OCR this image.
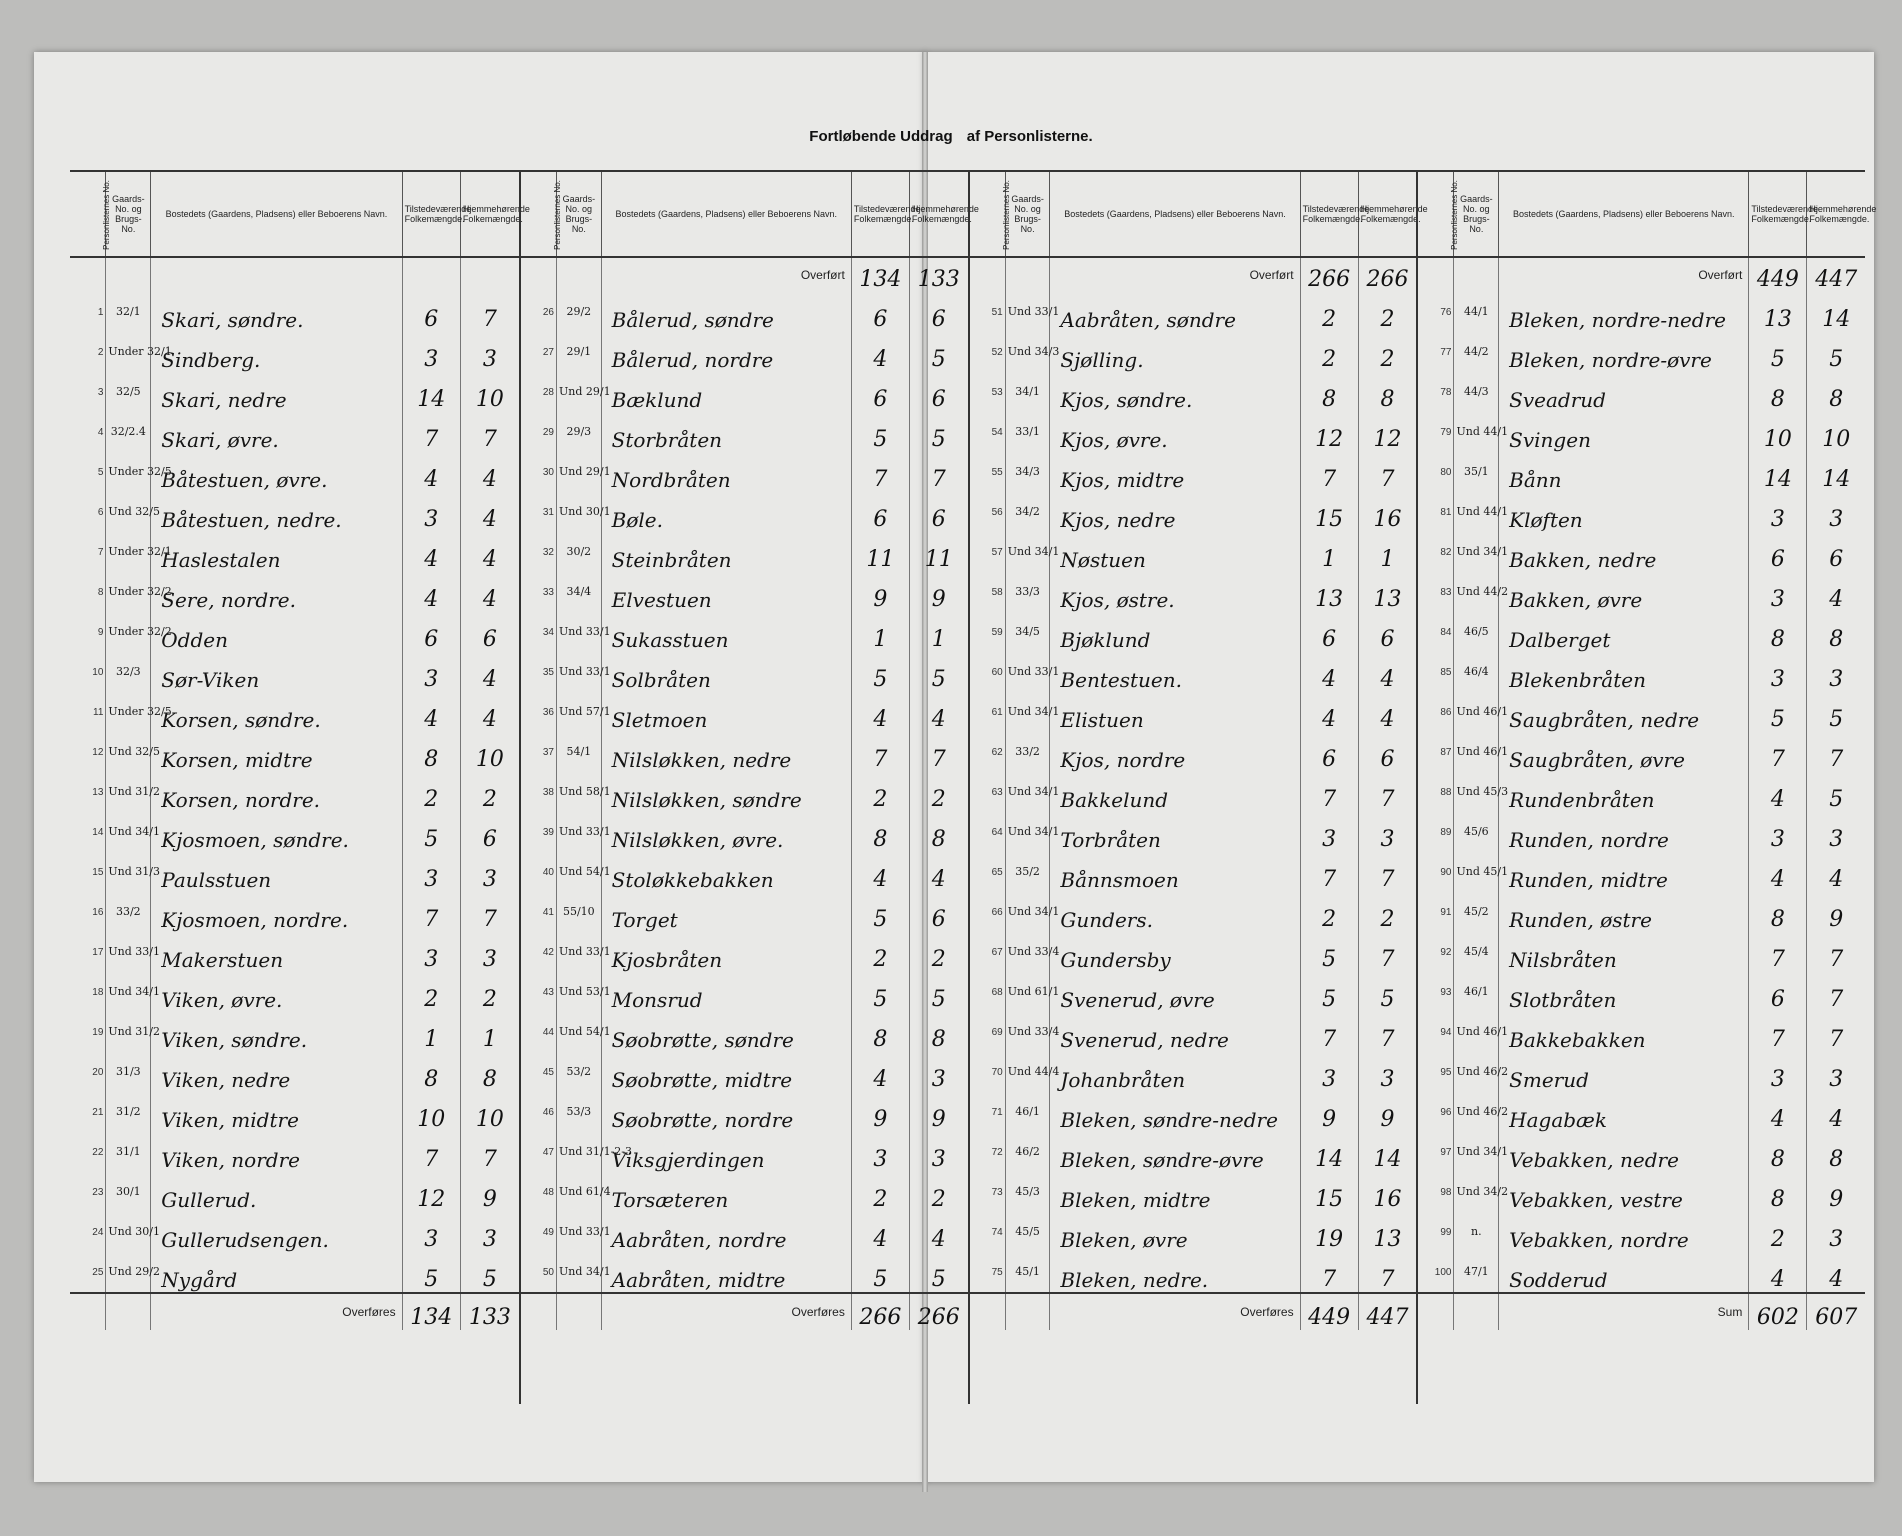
Fortløbende Uddrag af Personlisterne.
Personlisternes No.	Gaards-No. og Brugs-No.	Bostedets (Gaardens, Pladsens) eller Beboerens Navn.	Tilstedeværende Folkemængde.	Hjemmehørende Folkemængde.

1	32/1	Skari, søndre.	6	7
2	Under 32/1	Sindberg.	3	3
3	32/5	Skari, nedre	14	10
4	32/2.4	Skari, øvre.	7	7
5	Under 32/5	Båtestuen, øvre.	4	4
6	Und 32/5	Båtestuen, nedre.	3	4
7	Under 32/1	Haslestalen	4	4
8	Under 32/2	Sere, nordre.	4	4
9	Under 32/2	Odden	6	6
10	32/3	Sør-Viken	3	4
11	Under 32/5	Korsen, søndre.	4	4
12	Und 32/5	Korsen, midtre	8	10
13	Und 31/2	Korsen, nordre.	2	2
14	Und 34/1	Kjosmoen, søndre.	5	6
15	Und 31/3	Paulsstuen	3	3
16	33/2	Kjosmoen, nordre.	7	7
17	Und 33/1	Makerstuen	3	3
18	Und 34/1	Viken, øvre.	2	2
19	Und 31/2	Viken, søndre.	1	1
20	31/3	Viken, nedre	8	8
21	31/2	Viken, midtre	10	10
22	31/1	Viken, nordre	7	7
23	30/1	Gullerud.	12	9
24	Und 30/1	Gullerudsengen.	3	3
25	Und 29/2	Nygård	5	5
		Overføres	134	133
Personlisternes No.	Gaards-No. og Brugs-No.	Bostedets (Gaardens, Pladsens) eller Beboerens Navn.	Tilstedeværende Folkemængde.	Hjemmehørende Folkemængde.
		Overført	134	133
26	29/2	Bålerud, søndre	6	6
27	29/1	Bålerud, nordre	4	5
28	Und 29/1	Bæklund	6	6
29	29/3	Storbråten	5	5
30	Und 29/1	Nordbråten	7	7
31	Und 30/1	Bøle.	6	6
32	30/2	Steinbråten	11	11
33	34/4	Elvestuen	9	9
34	Und 33/1	Sukasstuen	1	1
35	Und 33/1	Solbråten	5	5
36	Und 57/1	Sletmoen	4	4
37	54/1	Nilsløkken, nedre	7	7
38	Und 58/1	Nilsløkken, søndre	2	2
39	Und 33/1	Nilsløkken, øvre.	8	8
40	Und 54/1	Stoløkkebakken	4	4
41	55/10	Torget	5	6
42	Und 33/1	Kjosbråten	2	2
43	Und 53/1	Monsrud	5	5
44	Und 54/1	Søobrøtte, søndre	8	8
45	53/2	Søobrøtte, midtre	4	3
46	53/3	Søobrøtte, nordre	9	9
47	Und 31/1-2-3	Viksgjerdingen	3	3
48	Und 61/4	Torsæteren	2	2
49	Und 33/1	Aabråten, nordre	4	4
50	Und 34/1	Aabråten, midtre	5	5
		Overføres	266	266
Personlisternes No.	Gaards-No. og Brugs-No.	Bostedets (Gaardens, Pladsens) eller Beboerens Navn.	Tilstedeværende Folkemængde.	Hjemmehørende Folkemængde.
		Overført	266	266
51	Und 33/1	Aabråten, søndre	2	2
52	Und 34/3	Sjølling.	2	2
53	34/1	Kjos, søndre.	8	8
54	33/1	Kjos, øvre.	12	12
55	34/3	Kjos, midtre	7	7
56	34/2	Kjos, nedre	15	16
57	Und 34/1	Nøstuen	1	1
58	33/3	Kjos, østre.	13	13
59	34/5	Bjøklund	6	6
60	Und 33/1	Bentestuen.	4	4
61	Und 34/1	Elistuen	4	4
62	33/2	Kjos, nordre	6	6
63	Und 34/1	Bakkelund	7	7
64	Und 34/1	Torbråten	3	3
65	35/2	Bånnsmoen	7	7
66	Und 34/1	Gunders.	2	2
67	Und 33/4	Gundersby	5	7
68	Und 61/1	Svenerud, øvre	5	5
69	Und 33/4	Svenerud, nedre	7	7
70	Und 44/4	Johanbråten	3	3
71	46/1	Bleken, søndre-nedre	9	9
72	46/2	Bleken, søndre-øvre	14	14
73	45/3	Bleken, midtre	15	16
74	45/5	Bleken, øvre	19	13
75	45/1	Bleken, nedre.	7	7
		Overføres	449	447
Personlisternes No.	Gaards-No. og Brugs-No.	Bostedets (Gaardens, Pladsens) eller Beboerens Navn.	Tilstedeværende Folkemængde.	Hjemmehørende Folkemængde.
		Overført	449	447
76	44/1	Bleken, nordre-nedre	13	14
77	44/2	Bleken, nordre-øvre	5	5
78	44/3	Sveadrud	8	8
79	Und 44/1	Svingen	10	10
80	35/1	Bånn	14	14
81	Und 44/1	Kløften	3	3
82	Und 34/1	Bakken, nedre	6	6
83	Und 44/2	Bakken, øvre	3	4
84	46/5	Dalberget	8	8
85	46/4	Blekenbråten	3	3
86	Und 46/1	Saugbråten, nedre	5	5
87	Und 46/1	Saugbråten, øvre	7	7
88	Und 45/3	Rundenbråten	4	5
89	45/6	Runden, nordre	3	3
90	Und 45/1	Runden, midtre	4	4
91	45/2	Runden, østre	8	9
92	45/4	Nilsbråten	7	7
93	46/1	Slotbråten	6	7
94	Und 46/1	Bakkebakken	7	7
95	Und 46/2	Smerud	3	3
96	Und 46/2	Hagabæk	4	4
97	Und 34/1	Vebakken, nedre	8	8
98	Und 34/2	Vebakken, vestre	8	9
99	n.	Vebakken, nordre	2	3
100	47/1	Sodderud	4	4
		Sum	602	607
